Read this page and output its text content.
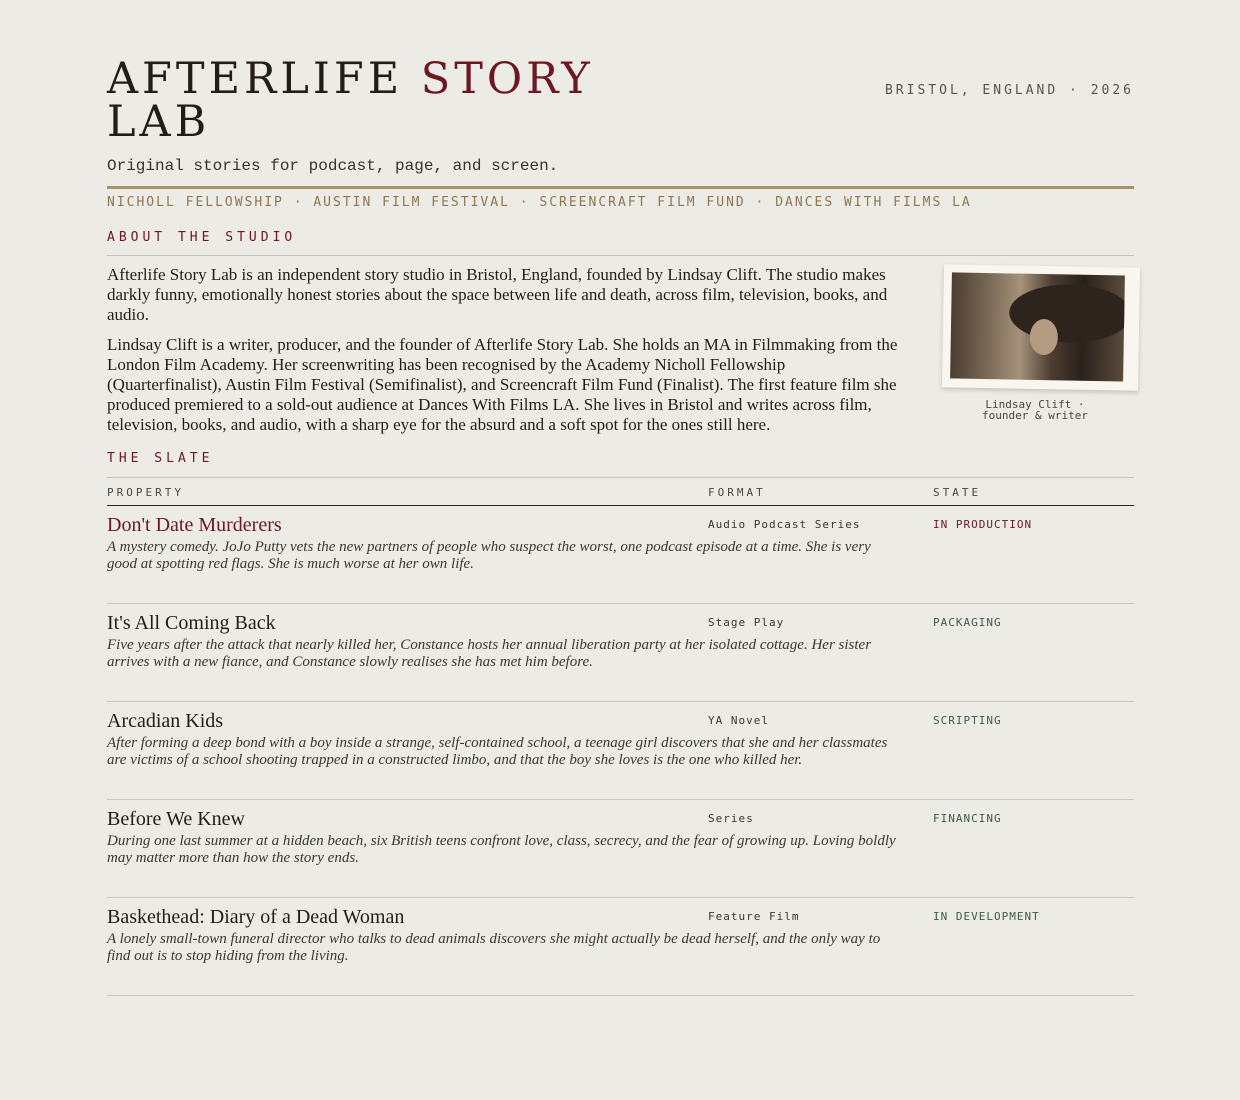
AFTERLIFE STORY
LAB
BRISTOL, ENGLAND · 2026
Original stories for podcast, page, and screen.
NICHOLL FELLOWSHIP · AUSTIN FILM FESTIVAL · SCREENCRAFT FILM FUND · DANCES WITH FILMS LA
ABOUT THE STUDIO
Lindsay Clift ·
founder & writer

Afterlife Story Lab is an independent story studio in Bristol, England, founded by Lindsay Clift. The studio makes darkly funny, emotionally honest stories about the space between life and death, across film, television, books, and audio.

Lindsay Clift is a writer, producer, and the founder of Afterlife Story Lab. She holds an MA in Filmmaking from the London Film Academy. Her screenwriting has been recognised by the Academy Nicholl Fellowship (Quarterfinalist), Austin Film Festival (Semifinalist), and Screencraft Film Fund (Finalist). The first feature film she produced premiered to a sold-out audience at Dances With Films LA. She lives in Bristol and writes across film, television, books, and audio, with a sharp eye for the absurd and a soft spot for the ones still here.

THE SLATE
PROPERTY	FORMAT	STATE
Don't Date Murderers
A mystery comedy. JoJo Putty vets the new partners of people who suspect the worst, one podcast episode at a time. She is very good at spotting red flags. She is much worse at her own life.
Audio Podcast Series	IN PRODUCTION
It's All Coming Back
Five years after the attack that nearly killed her, Constance hosts her annual liberation party at her isolated cottage. Her sister arrives with a new fiance, and Constance slowly realises she has met him before.
Stage Play	PACKAGING
Arcadian Kids
After forming a deep bond with a boy inside a strange, self-contained school, a teenage girl discovers that she and her classmates are victims of a school shooting trapped in a constructed limbo, and that the boy she loves is the one who killed her.
YA Novel	SCRIPTING
Before We Knew
During one last summer at a hidden beach, six British teens confront love, class, secrecy, and the fear of growing up. Loving boldly may matter more than how the story ends.
Series	FINANCING
Baskethead: Diary of a Dead Woman
A lonely small-town funeral director who talks to dead animals discovers she might actually be dead herself, and the only way to find out is to stop hiding from the living.
Feature Film	IN DEVELOPMENT
